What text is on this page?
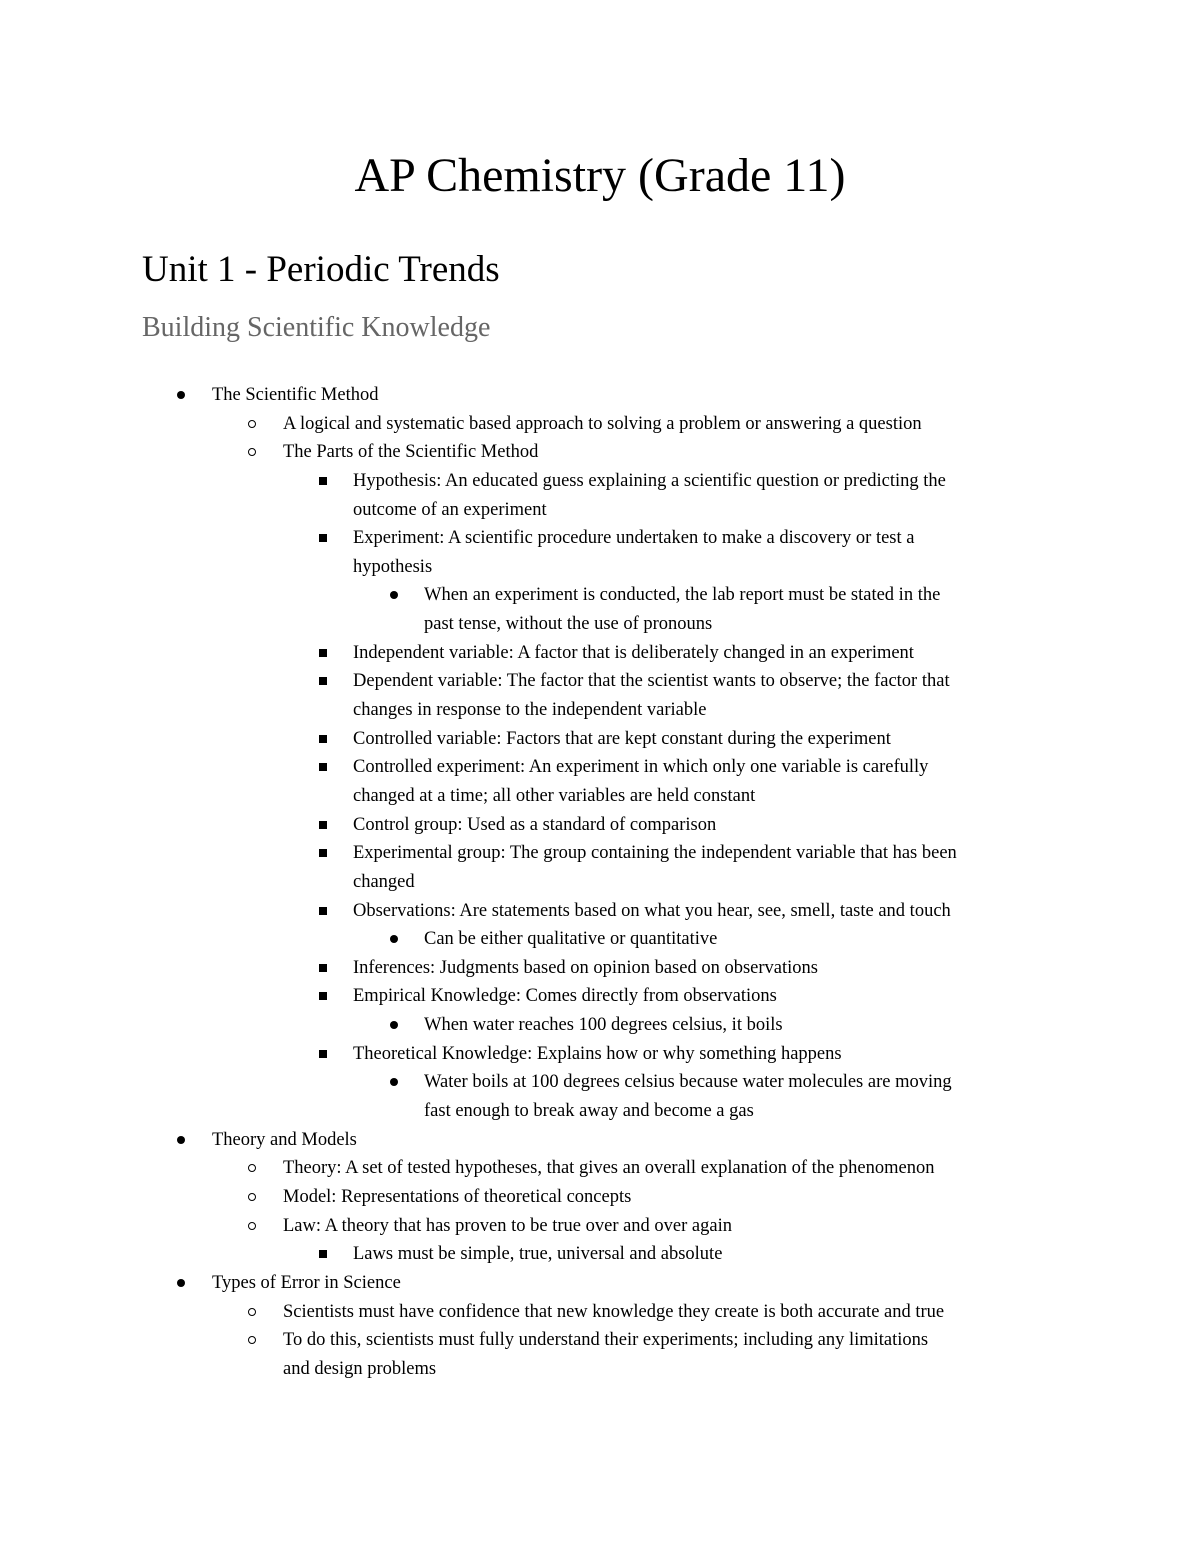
AP Chemistry (Grade 11)
Unit 1 - Periodic Trends
Building Scientific Knowledge
The Scientific Method
A logical and systematic based approach to solving a problem or answering a question
The Parts of the Scientific Method
Hypothesis: An educated guess explaining a scientific question or predicting the
outcome of an experiment
Experiment: A scientific procedure undertaken to make a discovery or test a
hypothesis
When an experiment is conducted, the lab report must be stated in the
past tense, without the use of pronouns
Independent variable: A factor that is deliberately changed in an experiment
Dependent variable: The factor that the scientist wants to observe; the factor that
changes in response to the independent variable
Controlled variable: Factors that are kept constant during the experiment
Controlled experiment: An experiment in which only one variable is carefully
changed at a time; all other variables are held constant
Control group: Used as a standard of comparison
Experimental group: The group containing the independent variable that has been
changed
Observations: Are statements based on what you hear, see, smell, taste and touch
Can be either qualitative or quantitative
Inferences: Judgments based on opinion based on observations
Empirical Knowledge: Comes directly from observations
When water reaches 100 degrees celsius, it boils
Theoretical Knowledge: Explains how or why something happens
Water boils at 100 degrees celsius because water molecules are moving
fast enough to break away and become a gas
Theory and Models
Theory: A set of tested hypotheses, that gives an overall explanation of the phenomenon
Model: Representations of theoretical concepts
Law: A theory that has proven to be true over and over again
Laws must be simple, true, universal and absolute
Types of Error in Science
Scientists must have confidence that new knowledge they create is both accurate and true
To do this, scientists must fully understand their experiments; including any limitations
and design problems
